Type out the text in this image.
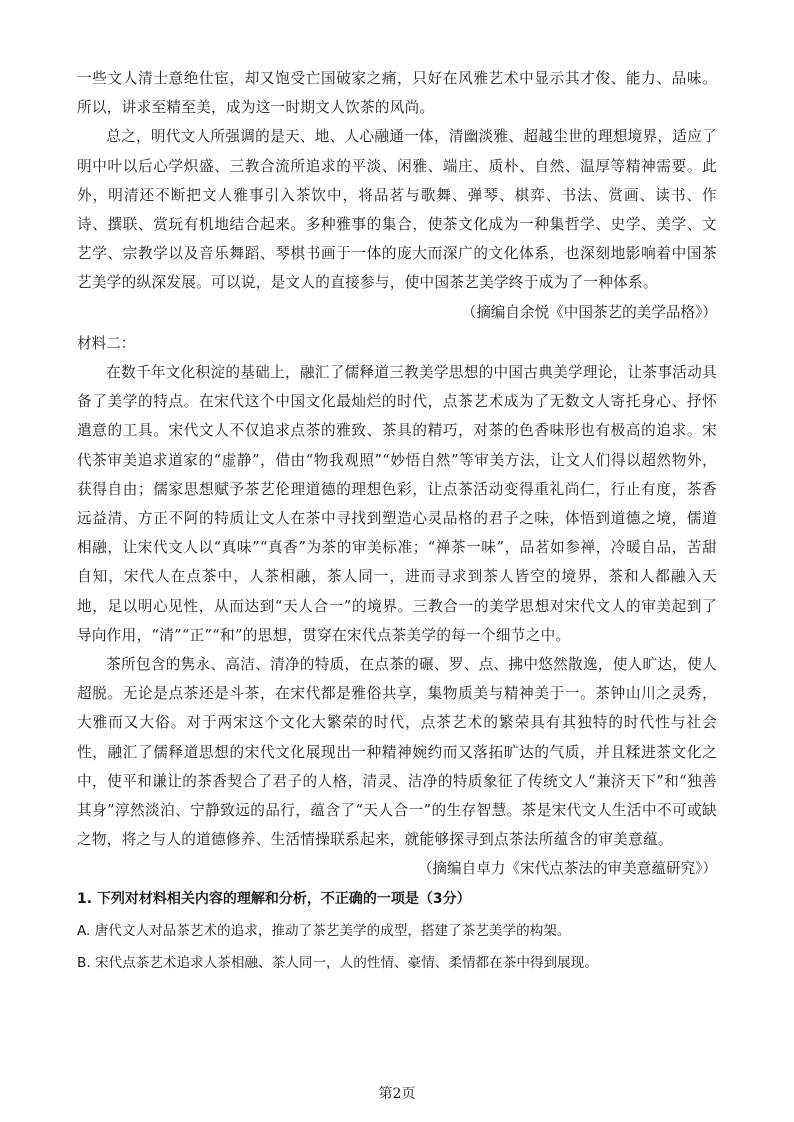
一些文人清士意绝仕宦，却又饱受亡国破家之痛，只好在风雅艺术中显示其才俊、能力、品味。所以，讲求至精至美，成为这一时期文人饮茶的风尚。

总之，明代文人所强调的是天、地、人心融通一体，清幽淡雅、超越尘世的理想境界，适应了明中叶以后心学炽盛、三教合流所追求的平淡、闲雅、端庄、质朴、自然、温厚等精神需要。此外，明清还不断把文人雅事引入茶饮中，将品茗与歌舞、弹琴、棋弈、书法、赏画、读书、作诗、撰联、赏玩有机地结合起来。多种雅事的集合，使茶文化成为一种集哲学、史学、美学、文艺学、宗教学以及音乐舞蹈、琴棋书画于一体的庞大而深广的文化体系，也深刻地影响着中国茶艺美学的纵深发展。可以说，是文人的直接参与，使中国茶艺美学终于成为了一种体系。

（摘编自余悦《中国茶艺的美学品格》）

材料二：

在数千年文化积淀的基础上，融汇了儒释道三教美学思想的中国古典美学理论，让茶事活动具备了美学的特点。在宋代这个中国文化最灿烂的时代，点茶艺术成为了无数文人寄托身心、抒怀遣意的工具。宋代文人不仅追求点茶的雅致、茶具的精巧，对茶的色香味形也有极高的追求。宋代茶审美追求道家的“虚静”，借由“物我观照”“妙悟自然”等审美方法，让文人们得以超然物外，获得自由；儒家思想赋予茶艺伦理道德的理想色彩，让点茶活动变得重礼尚仁，行止有度，茶香远益清、方正不阿的特质让文人在茶中寻找到塑造心灵品格的君子之味，体悟到道德之境，儒道相融，让宋代文人以“真味”“真香”为茶的审美标准；“禅茶一味”，品茗如参禅，冷暖自品，苦甜自知，宋代人在点茶中，人茶相融，茶人同一，进而寻求到茶人皆空的境界，茶和人都融入天地，足以明心见性，从而达到“天人合一”的境界。三教合一的美学思想对宋代文人的审美起到了导向作用，“清”“正”“和”的思想，贯穿在宋代点茶美学的每一个细节之中。

茶所包含的隽永、高洁、清净的特质，在点茶的碾、罗、点、拂中悠然散逸，使人旷达，使人超脱。无论是点茶还是斗茶，在宋代都是雅俗共享，集物质美与精神美于一。茶钟山川之灵秀，大雅而又大俗。对于两宋这个文化大繁荣的时代，点茶艺术的繁荣具有其独特的时代性与社会性，融汇了儒释道思想的宋代文化展现出一种精神婉约而又落拓旷达的气质，并且糅进茶文化之中，使平和谦让的茶香契合了君子的人格，清灵、洁净的特质象征了传统文人“兼济天下”和“独善其身”淳然淡泊、宁静致远的品行，蕴含了“天人合一”的生存智慧。茶是宋代文人生活中不可或缺之物，将之与人的道德修养、生活情操联系起来，就能够探寻到点茶法所蕴含的审美意蕴。

（摘编自卓力《宋代点茶法的审美意蕴研究》）

1. 下列对材料相关内容的理解和分析，不正确的一项是（3分）

A. 唐代文人对品茶艺术的追求，推动了茶艺美学的成型，搭建了茶艺美学的构架。

B. 宋代点茶艺术追求人茶相融、茶人同一，人的性情、豪情、柔情都在茶中得到展现。

第2页
